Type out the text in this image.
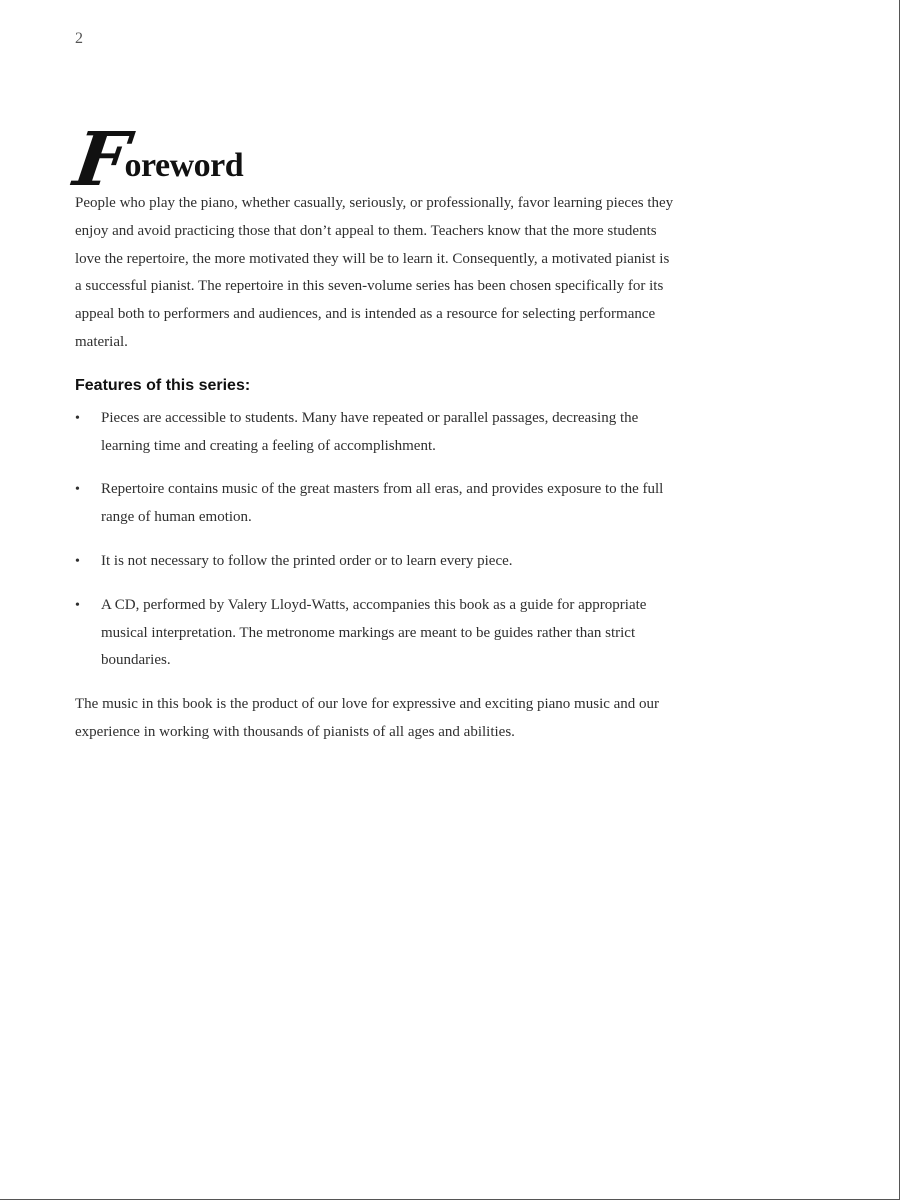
2
F
oreword

People who play the piano, whether casually, seriously, or professionally, favor learning pieces they enjoy and avoid practicing those that don’t appeal to them. Teachers know that the more students love the repertoire, the more motivated they will be to learn it. Consequently, a motivated pianist is a successful pianist. The repertoire in this seven-volume series has been chosen specifically for its appeal both to performers and audiences, and is intended as a resource for selecting performance material.

Features of this series:
•	Pieces are accessible to students. Many have repeated or parallel passages, decreasing the learning time and creating a feeling of accomplishment.
•	Repertoire contains music of the great masters from all eras, and provides exposure to the full range of human emotion.
•	It is not necessary to follow the printed order or to learn every piece.
•	A CD, performed by Valery Lloyd-Watts, accompanies this book as a guide for appropriate musical interpretation. The metronome markings are meant to be guides rather than strict boundaries.

The music in this book is the product of our love for expressive and exciting piano music and our experience in working with thousands of pianists of all ages and abilities.
